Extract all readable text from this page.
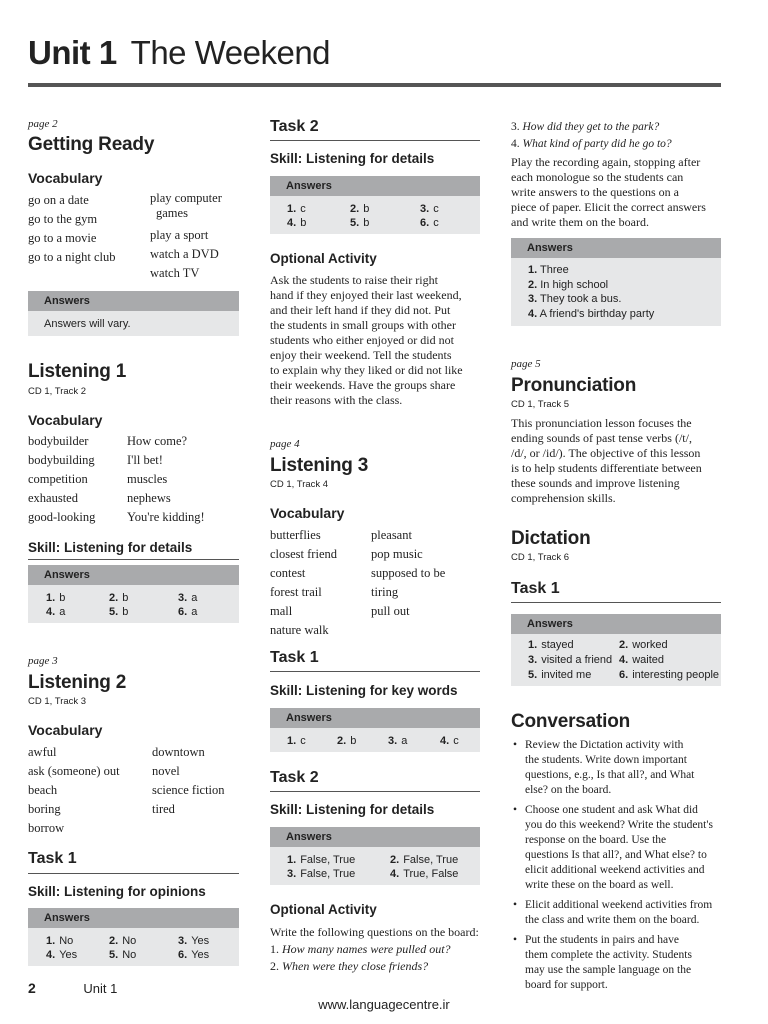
Unit 1 The Weekend
page 2
Getting Ready
Vocabulary
go on a date
go to the gym
go to a movie
go to a night club
play computer
games
play a sport
watch a DVD
watch TV
Answers
Answers will vary.
Listening 1
CD 1, Track 2
Vocabulary
bodybuilder
bodybuilding
competition
exhausted
good-looking
How come?
I'll bet!
muscles
nephews
You're kidding!
Skill: Listening for details
Answers
1. b	2. b	3. a
4. a	5. b	6. a
page 3
Listening 2
CD 1, Track 3
Vocabulary
awful
ask (someone) out
beach
boring
borrow
downtown
novel
science fiction
tired
Task 1
Skill: Listening for opinions
Answers
1. No	2. No	3. Yes
4. Yes	5. No	6. Yes
Task 2
Skill: Listening for details
Answers
1. c	2. b	3. c
4. b	5. b	6. c
Optional Activity
Ask the students to raise their right
hand if they enjoyed their last weekend,
and their left hand if they did not. Put
the students in small groups with other
students who either enjoyed or did not
enjoy their weekend. Tell the students
to explain why they liked or did not like
their weekends. Have the groups share
their reasons with the class.
page 4
Listening 3
CD 1, Track 4
Vocabulary
butterflies
closest friend
contest
forest trail
mall
nature walk
pleasant
pop music
supposed to be
tiring
pull out
Task 1
Skill: Listening for key words
Answers
1. c	2. b	3. a	4. c
Task 2
Skill: Listening for details
Answers
1. False, True	2. False, True
3. False, True	4. True, False
Optional Activity
Write the following questions on the board:
1. How many names were pulled out?
2. When were they close friends?
3. How did they get to the park?
4. What kind of party did he go to?
Play the recording again, stopping after
each monologue so the students can
write answers to the questions on a
piece of paper. Elicit the correct answers
and write them on the board.
Answers
1. Three
2. In high school
3. They took a bus.
4. A friend's birthday party
page 5
Pronunciation
CD 1, Track 5
This pronunciation lesson focuses the
ending sounds of past tense verbs (/t/,
/d/, or /id/). The objective of this lesson
is to help students differentiate between
these sounds and improve listening
comprehension skills.
Dictation
CD 1, Track 6
Task 1
Answers
1. stayed	2. worked
3. visited a friend 4. waited
5. invited me	6. interesting people
Conversation
• Review the Dictation activity with
the students. Write down important
questions, e.g., Is that all?, and What
else? on the board.
• Choose one student and ask What did
you do this weekend? Write the student's
response on the board. Use the
questions Is that all?, and What else? to
elicit additional weekend activities and
write these on the board as well.
• Elicit additional weekend activities from
the class and write them on the board.
• Put the students in pairs and have
them complete the activity. Students
may use the sample language on the
board for support.
2	Unit 1
www.languagecentre.ir
